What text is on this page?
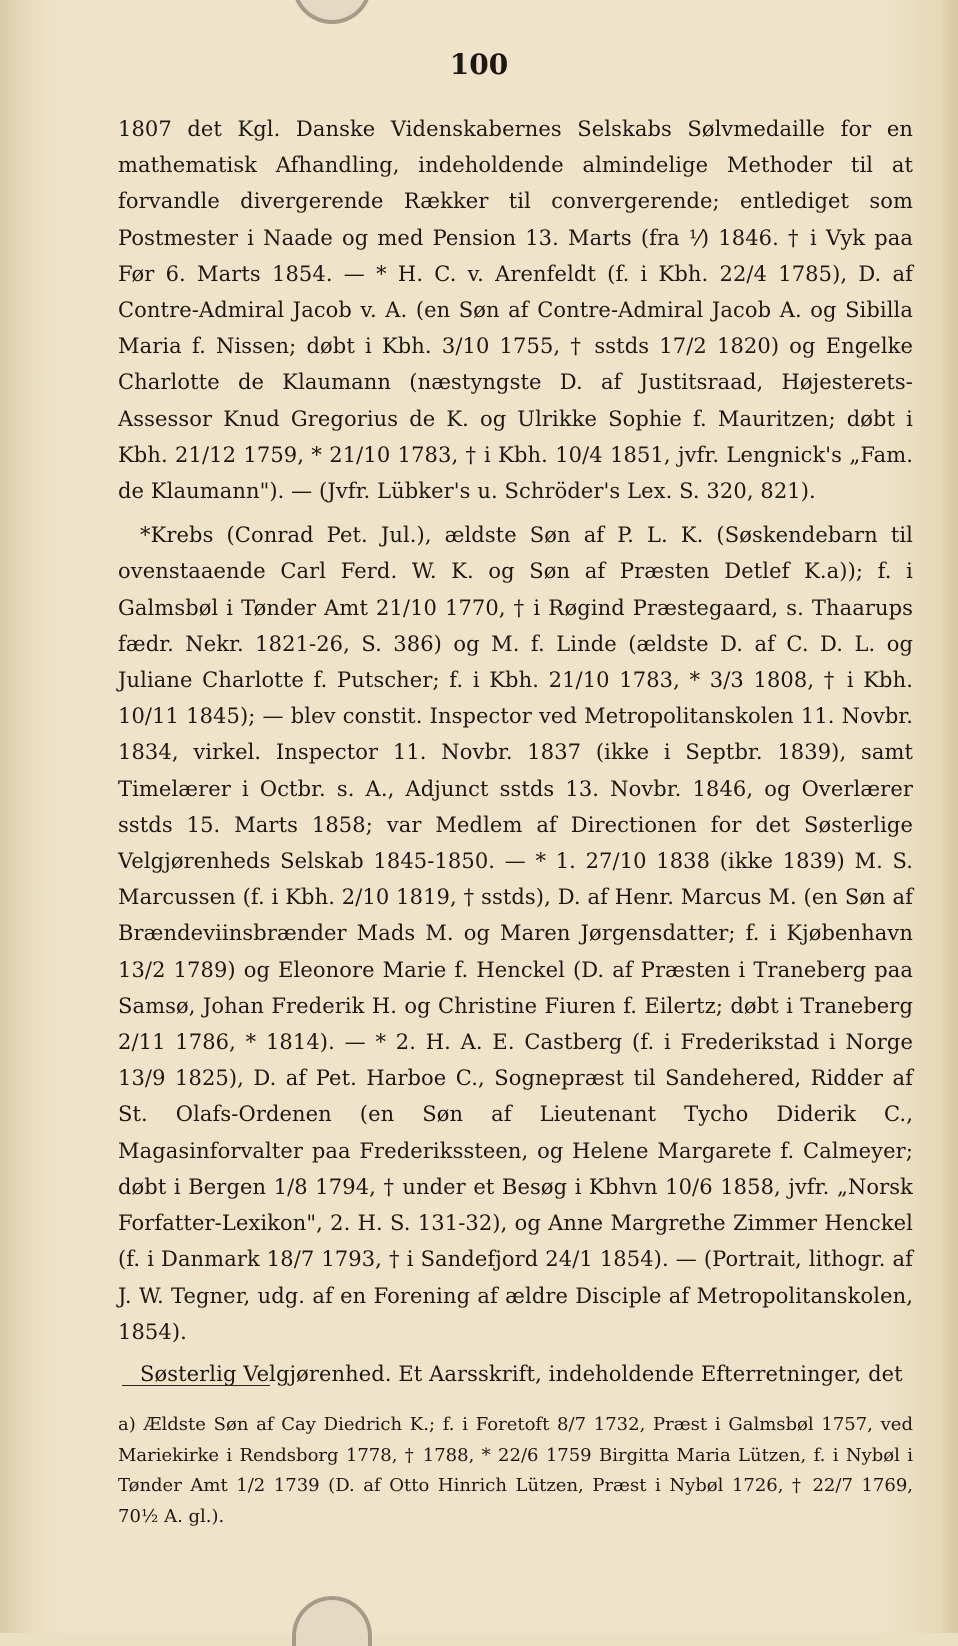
100

1807 det Kgl. Danske Videnskabernes Selskabs Sølvmedaille for en mathematisk Afhandling, indeholdende almindelige Methoder til at forvandle divergerende Rækker til convergerende; entlediget som Postmester i Naade og med Pension 13. Marts (fra ⅟) 1846. † i Vyk paa Før 6. Marts 1854. — * H. C. v. Arenfeldt (f. i Kbh. 22/4 1785), D. af Contre-Admiral Jacob v. A. (en Søn af Contre-Admiral Jacob A. og Sibilla Maria f. Nissen; døbt i Kbh. 3/10 1755, † sstds 17/2 1820) og Engelke Charlotte de Klaumann (næstyngste D. af Justitsraad, Højesterets-Assessor Knud Gregorius de K. og Ulrikke Sophie f. Mauritzen; døbt i Kbh. 21/12 1759, * 21/10 1783, † i Kbh. 10/4 1851, jvfr. Lengnick's „Fam. de Klaumann"). — (Jvfr. Lübker's u. Schröder's Lex. S. 320, 821).

*Krebs (Conrad Pet. Jul.), ældste Søn af P. L. K. (Søskendebarn til ovenstaaende Carl Ferd. W. K. og Søn af Præsten Detlef K.a)); f. i Galmsbøl i Tønder Amt 21/10 1770, † i Røgind Præstegaard, s. Thaarups fædr. Nekr. 1821-26, S. 386) og M. f. Linde (ældste D. af C. D. L. og Juliane Charlotte f. Putscher; f. i Kbh. 21/10 1783, * 3/3 1808, † i Kbh. 10/11 1845); — blev constit. Inspector ved Metropolitanskolen 11. Novbr. 1834, virkel. Inspector 11. Novbr. 1837 (ikke i Septbr. 1839), samt Timelærer i Octbr. s. A., Adjunct sstds 13. Novbr. 1846, og Overlærer sstds 15. Marts 1858; var Medlem af Directionen for det Søsterlige Velgjørenheds Selskab 1845-1850. — * 1. 27/10 1838 (ikke 1839) M. S. Marcussen (f. i Kbh. 2/10 1819, † sstds), D. af Henr. Marcus M. (en Søn af Brændeviinsbrænder Mads M. og Maren Jørgensdatter; f. i Kjøbenhavn 13/2 1789) og Eleonore Marie f. Henckel (D. af Præsten i Traneberg paa Samsø, Johan Frederik H. og Christine Fiuren f. Eilertz; døbt i Traneberg 2/11 1786, * 1814). — * 2. H. A. E. Castberg (f. i Frederikstad i Norge 13/9 1825), D. af Pet. Harboe C., Sognepræst til Sandehered, Ridder af St. Olafs-Ordenen (en Søn af Lieutenant Tycho Diderik C., Magasinforvalter paa Frederikssteen, og Helene Margarete f. Calmeyer; døbt i Bergen 1/8 1794, † under et Besøg i Kbhvn 10/6 1858, jvfr. „Norsk Forfatter-Lexikon", 2. H. S. 131-32), og Anne Margrethe Zimmer Henckel (f. i Danmark 18/7 1793, † i Sandefjord 24/1 1854). — (Portrait, lithogr. af J. W. Tegner, udg. af en Forening af ældre Disciple af Metropolitanskolen, 1854).

Søsterlig Velgjørenhed. Et Aarsskrift, indeholdende Efterretninger, det

a) Ældste Søn af Cay Diedrich K.; f. i Foretoft 8/7 1732, Præst i Galmsbøl 1757, ved Mariekirke i Rendsborg 1778, † 1788, * 22/6 1759 Birgitta Maria Lützen, f. i Nybøl i Tønder Amt 1/2 1739 (D. af Otto Hinrich Lützen, Præst i Nybøl 1726, † 22/7 1769, 70½ A. gl.).
